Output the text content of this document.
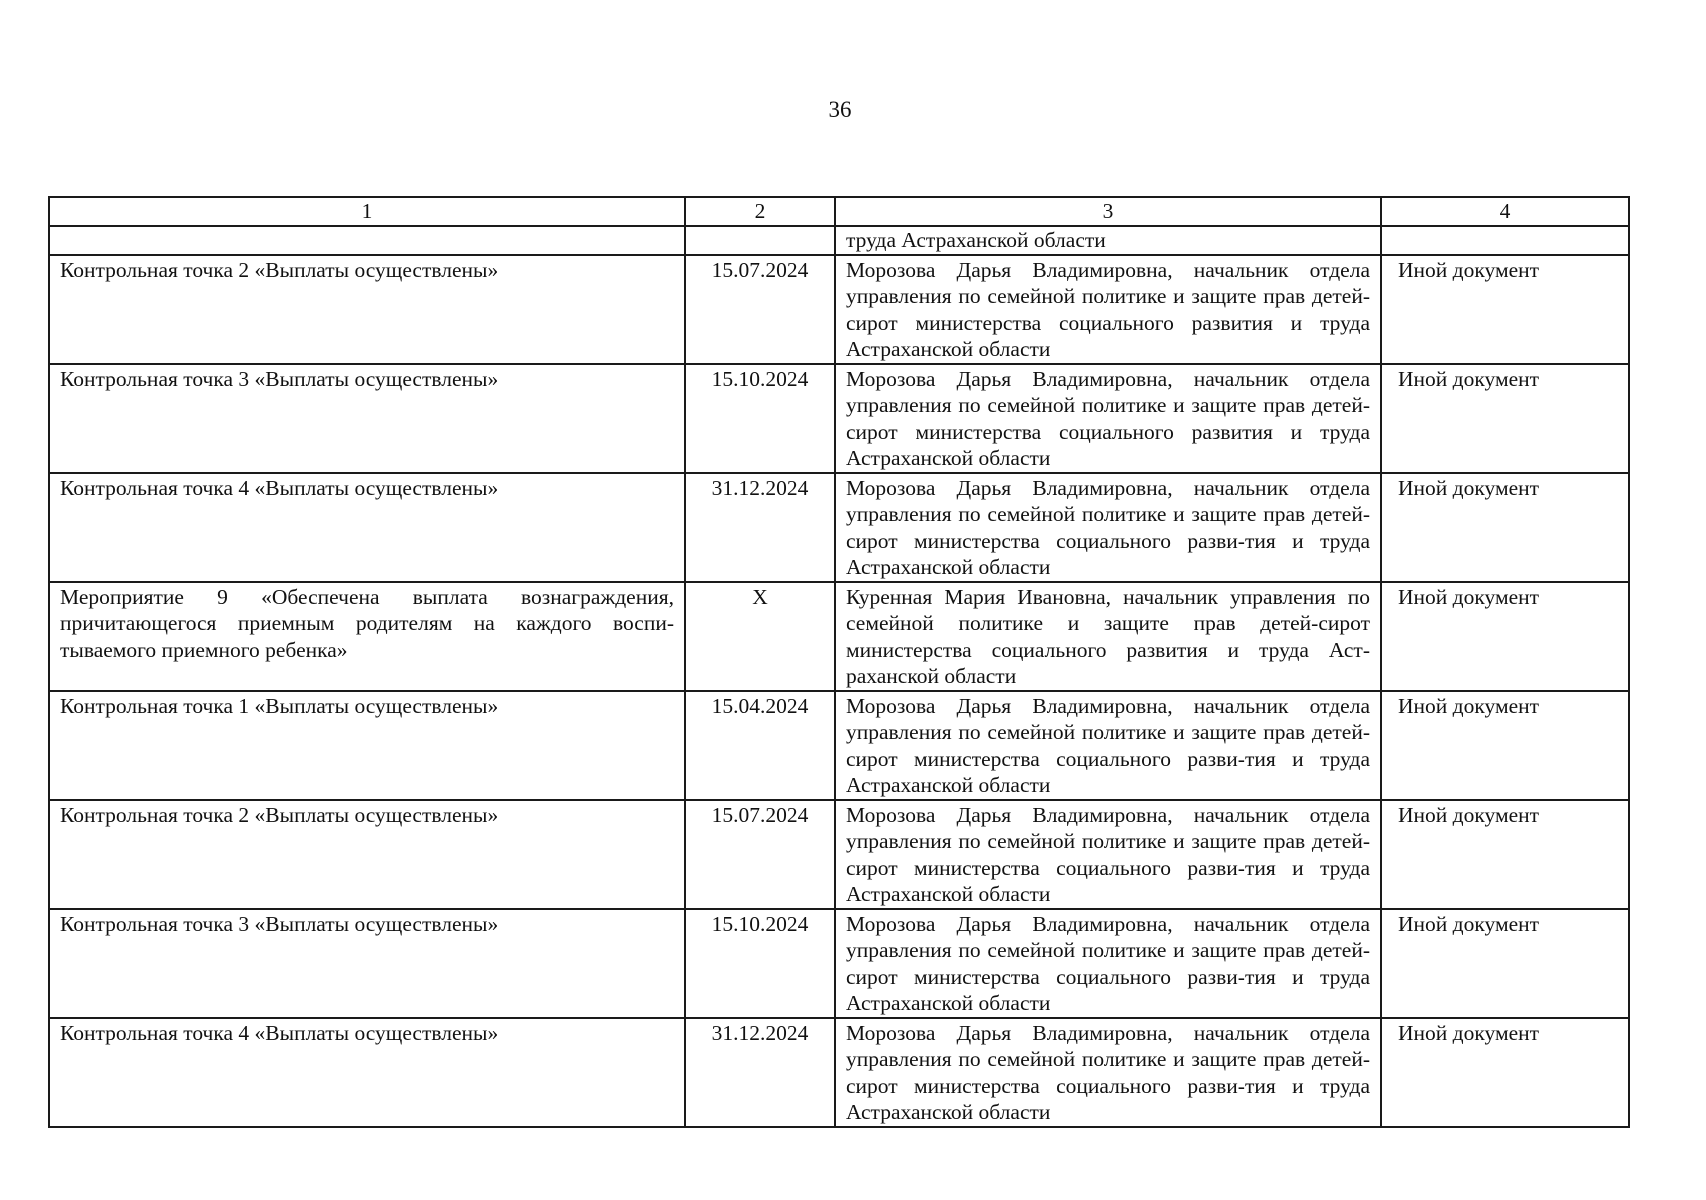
36
1	2	3	4
		труда Астраханской области	
Контрольная точка 2 «Выплаты осуществлены»	15.07.2024	Морозова Дарья Владимировна, начальник отдела управления по семейной политике и защите прав детей-сирот министерства социального развития и труда Астраханской области	Иной документ
Контрольная точка 3 «Выплаты осуществлены»	15.10.2024	Морозова Дарья Владимировна, начальник отдела управления по семейной политике и защите прав детей-сирот министерства социального развития и труда Астраханской области	Иной документ
Контрольная точка 4 «Выплаты осуществлены»	31.12.2024	Морозова Дарья Владимировна, начальник отдела управления по семейной политике и защите прав детей-сирот министерства социального разви-тия и труда Астраханской области	Иной документ
Мероприятие 9 «Обеспечена выплата вознаграждения, причитающегося приемным родителям на каждого воспи-тываемого приемного ребенка»	Х	Куренная Мария Ивановна, начальник управления по семейной политике и защите прав детей-сирот министерства социального развития и труда Аст-раханской области	Иной документ
Контрольная точка 1 «Выплаты осуществлены»	15.04.2024	Морозова Дарья Владимировна, начальник отдела управления по семейной политике и защите прав детей-сирот министерства социального разви-тия и труда Астраханской области	Иной документ
Контрольная точка 2 «Выплаты осуществлены»	15.07.2024	Морозова Дарья Владимировна, начальник отдела управления по семейной политике и защите прав детей-сирот министерства социального разви-тия и труда Астраханской области	Иной документ
Контрольная точка 3 «Выплаты осуществлены»	15.10.2024	Морозова Дарья Владимировна, начальник отдела управления по семейной политике и защите прав детей-сирот министерства социального разви-тия и труда Астраханской области	Иной документ
Контрольная точка 4 «Выплаты осуществлены»	31.12.2024	Морозова Дарья Владимировна, начальник отдела управления по семейной политике и защите прав детей-сирот министерства социального разви-тия и труда Астраханской области	Иной документ
